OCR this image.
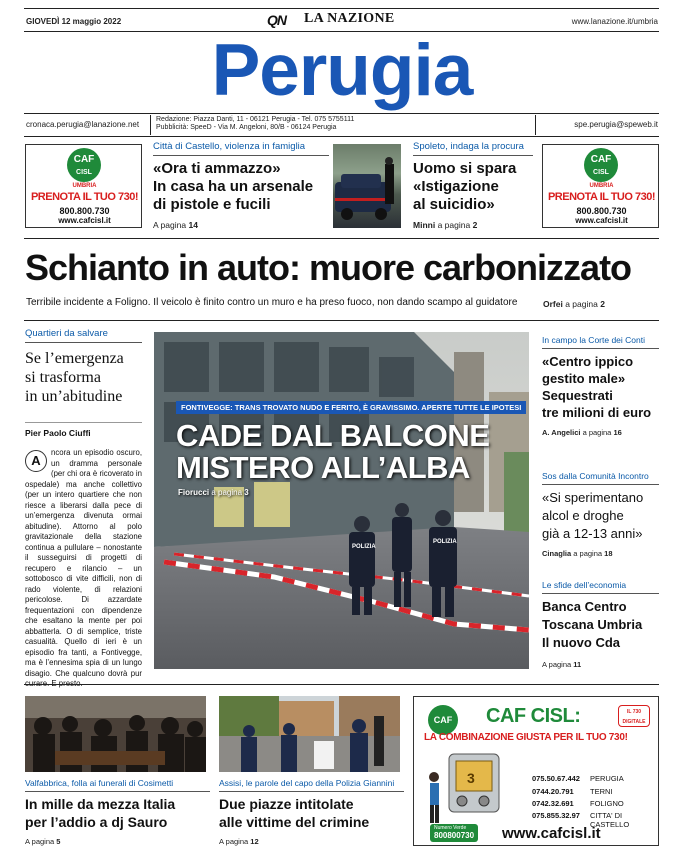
GIOVEDÌ 12 maggio 2022	QN LA NAZIONE	www.lanazione.it/umbria
Perugia
cronaca.perugia@lanazione.net
Redazione: Piazza Danti, 11 - 06121 Perugia - Tel. 075 5755111
Pubblicità: SpeeD - Via M. Angeloni, 80/B - 06124 Perugia	spe.perugia@speweb.it
CAF
CISL
UMBRIA
PRENOTA IL TUO 730!
800.800.730
www.cafcisl.it
Città di Castello, violenza in famiglia
«Ora ti ammazzo»
In casa ha un arsenale
di pistole e fucili
A pagina 14
Spoleto, indaga la procura
Uomo si spara
«Istigazione
al suicidio»
Minni a pagina 2
CAF
CISL
UMBRIA
PRENOTA IL TUO 730!
800.800.730
www.cafcisl.it
Schianto in auto: muore carbonizzato
Terribile incidente a Foligno. Il veicolo è finito contro un muro e ha preso fuoco, non dando scampo al guidatore	Orfei a pagina 2
Quartieri da salvare
Se l’emergenza
si trasforma
in un’abitudine
Pier Paolo Ciuffi
A
ncora un episodio oscuro, un dramma personale (per chi ora è ricoverato in ospedale) ma anche collettivo (per un intero quartiere che non riesce a liberarsi dalla pece di un’emergenza divenuta ormai abitudine). Attorno al polo gravitazionale della stazione continua a pullulare – nonostante il susseguirsi di progetti di recupero e rilancio – un sottobosco di vite difficili, non di rado violente, di relazioni pericolose. Di azzardate frequentazioni con dipendenze che esaltano la mente per poi abbatterla. O di semplice, triste casualità. Quello di ieri è un episodio fra tanti, a Fontivegge, ma è l’ennesima spia di un lungo disagio. Che qualcuno dovrà pur
POLIZIA
POLIZIA
FONTIVEGGE: TRANS TROVATO NUDO E FERITO, È GRAVISSIMO. APERTE TUTTE LE IPOTESI
CADE DAL BALCONE
MISTERO ALL’ALBA
Fiorucci a pagina 3
In campo la Corte dei Conti
«Centro ippico
gestito male»
Sequestrati
tre milioni di euro
A. Angelici a pagina 16
Sos dalla Comunità Incontro
«Si sperimentano
alcol e droghe
già a 12-13 anni»
Cinaglia a pagina 18
Le sfide dell’economia
Banca Centro
Toscana Umbria
Il nuovo Cda
A pagina 11
Valfabbrica, folla ai funerali di Cosimetti
In mille da mezza Italia
per l’addio a dj Sauro
A pagina 5
Assisi, le parole del capo della Polizia Giannini
Due piazze intitolate
alle vittime del crimine
A pagina 12
CAF CAF CISL:	IL 730 DIGITALE
LA COMBINAZIONE GIUSTA PER IL TUO 730!
3	075.50.67.442	PERUGIA
0744.20.791	TERNI
0742.32.691	FOLIGNO
075.855.32.97	CITTA' DI CASTELLO
Numero Verde
800800730 www.cafcisl.it
